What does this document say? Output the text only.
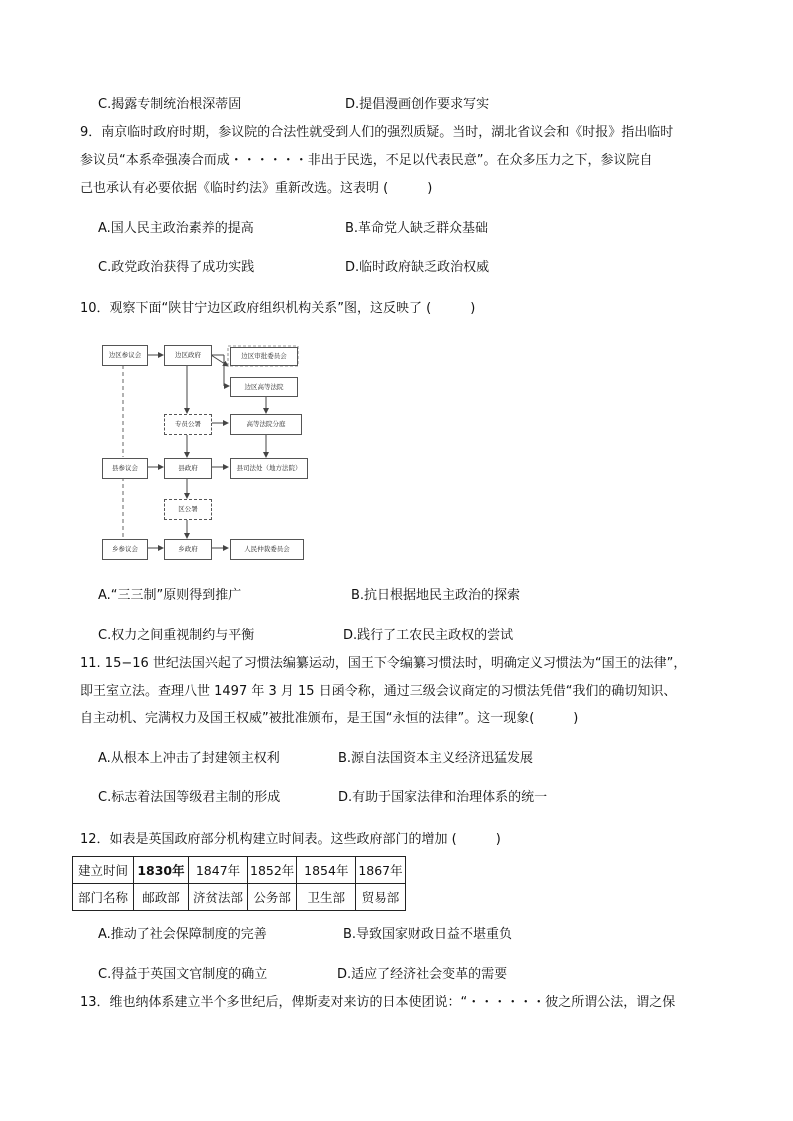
C.揭露专制统治根深蒂固	D.提倡漫画创作要求写实
9．南京临时政府时期，参议院的合法性就受到人们的强烈质疑。当时，湖北省议会和《时报》指出临时
参议员“本系牵强凑合而成・・・・・・非出于民选，不足以代表民意”。在众多压力之下，参议院自
己也承认有必要依据《临时约法》重新改选。这表明 (　　　)
A.国人民主政治素养的提高	B.革命党人缺乏群众基础
C.政党政治获得了成功实践	D.临时政府缺乏政治权威
10．观察下面“陕甘宁边区政府组织机构关系”图，这反映了 (　　　)
边区参议会	边区政府	边区审批委员会
边区高等法院
专员公署	高等法院分庭
县参议会	县政府	县司法处（地方法院）
区公署
乡参议会	乡政府	人民仲裁委员会
A.“三三制”原则得到推广	B.抗日根据地民主政治的探索
C.权力之间重视制约与平衡	D.践行了工农民主政权的尝试
11. 15−16 世纪法国兴起了习惯法编纂运动，国王下令编纂习惯法时，明确定义习惯法为“国王的法律”，
即王室立法。查理八世 1497 年 3 月 15 日函令称，通过三级会议商定的习惯法凭借“我们的确切知识、
自主动机、完满权力及国王权威”被批准颁布，是王国“永恒的法律”。这一现象(　　　)
A.从根本上冲击了封建领主权利	B.源自法国资本主义经济迅猛发展
C.标志着法国等级君主制的形成	D.有助于国家法律和治理体系的统一
12．如表是英国政府部分机构建立时间表。这些政府部门的增加 (　　　)
建立时间	1830年	1847年	1852年	1854年	1867年
部门名称	邮政部	济贫法部	公务部	卫生部	贸易部
A.推动了社会保障制度的完善	B.导致国家财政日益不堪重负
C.得益于英国文官制度的确立	D.适应了经济社会变革的需要
13．维也纳体系建立半个多世纪后，俾斯麦对来访的日本使团说：“・・・・・・彼之所谓公法，谓之保
